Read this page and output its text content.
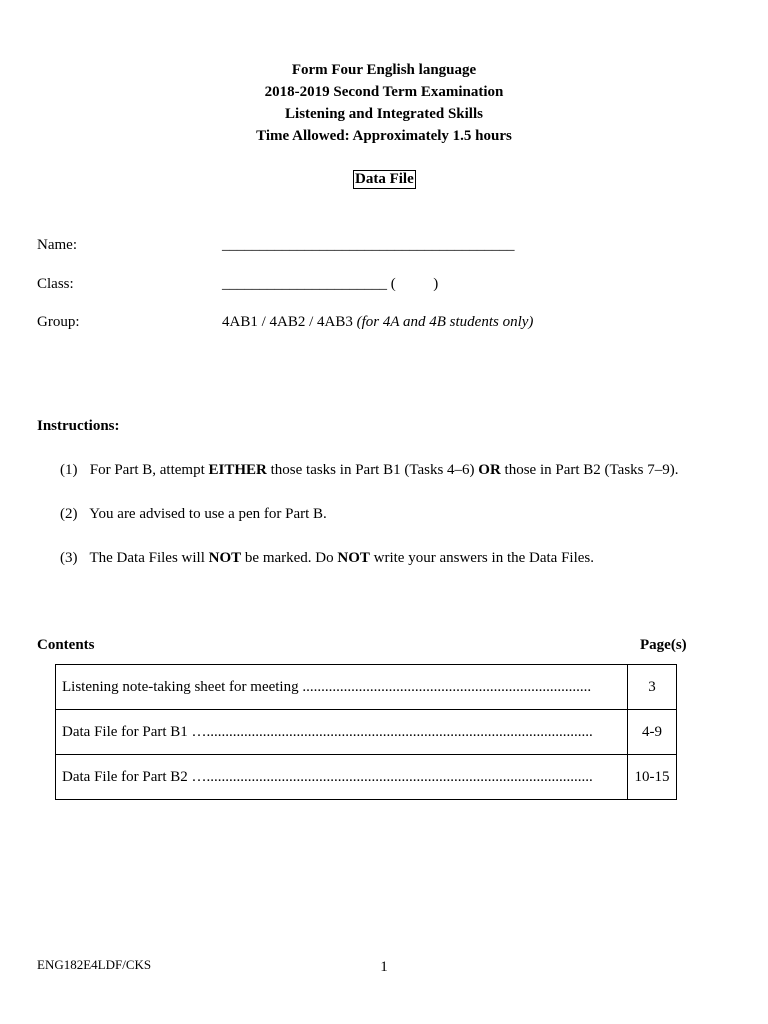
Form Four English language
2018-2019 Second Term Examination
Listening and Integrated Skills
Time Allowed: Approximately 1.5 hours
Data File
Name:	_______________________________________
Class:	______________________ (          )
Group:	4AB1 / 4AB2 / 4AB3 (for 4A and 4B students only)
Instructions:
(1) For Part B, attempt EITHER those tasks in Part B1 (Tasks 4–6) OR those in Part B2 (Tasks 7–9).
(2) You are advised to use a pen for Part B.
(3) The Data Files will NOT be marked. Do NOT write your answers in the Data Files.
Contents	Page(s)
Listening note-taking sheet for meeting .............................................................................	3
Data File for Part B1 ….......................................................................................................	4-9
Data File for Part B2 ….......................................................................................................	10-15
ENG182E4LDF/CKS	1
